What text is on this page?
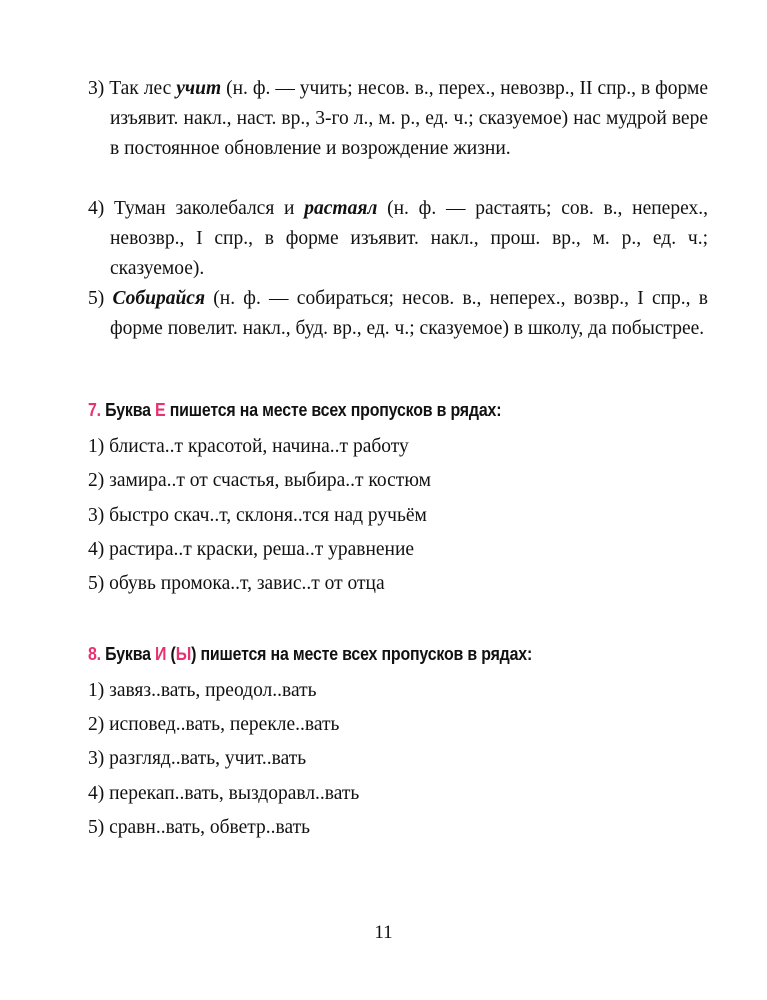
3) Так лес учит (н. ф. — учить; несов. в., перех., невозвр., II спр., в форме изъявит. накл., наст. вр., 3-го л., м. р., ед. ч.; сказуемое) нас мудрой вере в постоянное обновление и возрождение жизни.
4) Туман заколебался и растаял (н. ф. — растаять; сов. в., неперех., невозвр., I спр., в форме изъявит. накл., прош. вр., м. р., ед. ч.; сказуемое).
5) Собирайся (н. ф. — собираться; несов. в., неперех., возвр., I спр., в форме повелит. накл., буд. вр., ед. ч.; сказуемое) в школу, да побыстрее.
7. Буква Е пишется на месте всех пропусков в рядах:
1) блиста..т красотой, начина..т работу
2) замира..т от счастья, выбира..т костюм
3) быстро скач..т, склоня..тся над ручьём
4) растира..т краски, реша..т уравнение
5) обувь промока..т, завис..т от отца
8. Буква И (Ы) пишется на месте всех пропусков в рядах:
1) завяз..вать, преодол..вать
2) исповед..вать, перекле..вать
3) разгляд..вать, учит..вать
4) перекап..вать, выздоравл..вать
5) сравн..вать, обветр..вать
11
